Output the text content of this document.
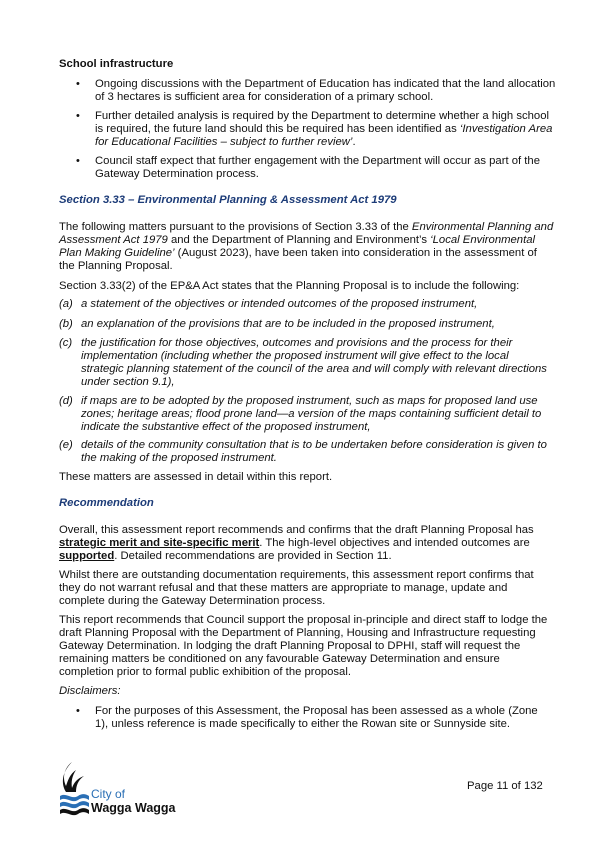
School infrastructure

• Ongoing discussions with the Department of Education has indicated that the land allocation

of 3 hectares is sufficient area for consideration of a primary school.

• Further detailed analysis is required by the Department to determine whether a high school

is required, the future land should this be required has been identified as ‘Investigation Area

for Educational Facilities – subject to further review’.

• Council staff expect that further engagement with the Department will occur as part of the

Gateway Determination process.

Section 3.33 – Environmental Planning & Assessment Act 1979

The following matters pursuant to the provisions of Section 3.33 of the Environmental Planning and

Assessment Act 1979 and the Department of Planning and Environment’s ‘Local Environmental

Plan Making Guideline’ (August 2023), have been taken into consideration in the assessment of

the Planning Proposal.

Section 3.33(2) of the EP&A Act states that the Planning Proposal is to include the following:

(a) a statement of the objectives or intended outcomes of the proposed instrument,

(b) an explanation of the provisions that are to be included in the proposed instrument,

(c) the justification for those objectives, outcomes and provisions and the process for their

implementation (including whether the proposed instrument will give effect to the local

strategic planning statement of the council of the area and will comply with relevant directions

under section 9.1),

(d) if maps are to be adopted by the proposed instrument, such as maps for proposed land use

zones; heritage areas; flood prone land—a version of the maps containing sufficient detail to

indicate the substantive effect of the proposed instrument,

(e) details of the community consultation that is to be undertaken before consideration is given to

the making of the proposed instrument.

These matters are assessed in detail within this report.

Recommendation

Overall, this assessment report recommends and confirms that the draft Planning Proposal has

strategic merit and site-specific merit. The high-level objectives and intended outcomes are

supported. Detailed recommendations are provided in Section 11.

Whilst there are outstanding documentation requirements, this assessment report confirms that

they do not warrant refusal and that these matters are appropriate to manage, update and

complete during the Gateway Determination process.

This report recommends that Council support the proposal in-principle and direct staff to lodge the

draft Planning Proposal with the Department of Planning, Housing and Infrastructure requesting

Gateway Determination. In lodging the draft Planning Proposal to DPHI, staff will request the

remaining matters be conditioned on any favourable Gateway Determination and ensure

completion prior to formal public exhibition of the proposal.

Disclaimers:

• For the purposes of this Assessment, the Proposal has been assessed as a whole (Zone

1), unless reference is made specifically to either the Rowan site or Sunnyside site.

City of
Wagga Wagga

Page 11 of 132
